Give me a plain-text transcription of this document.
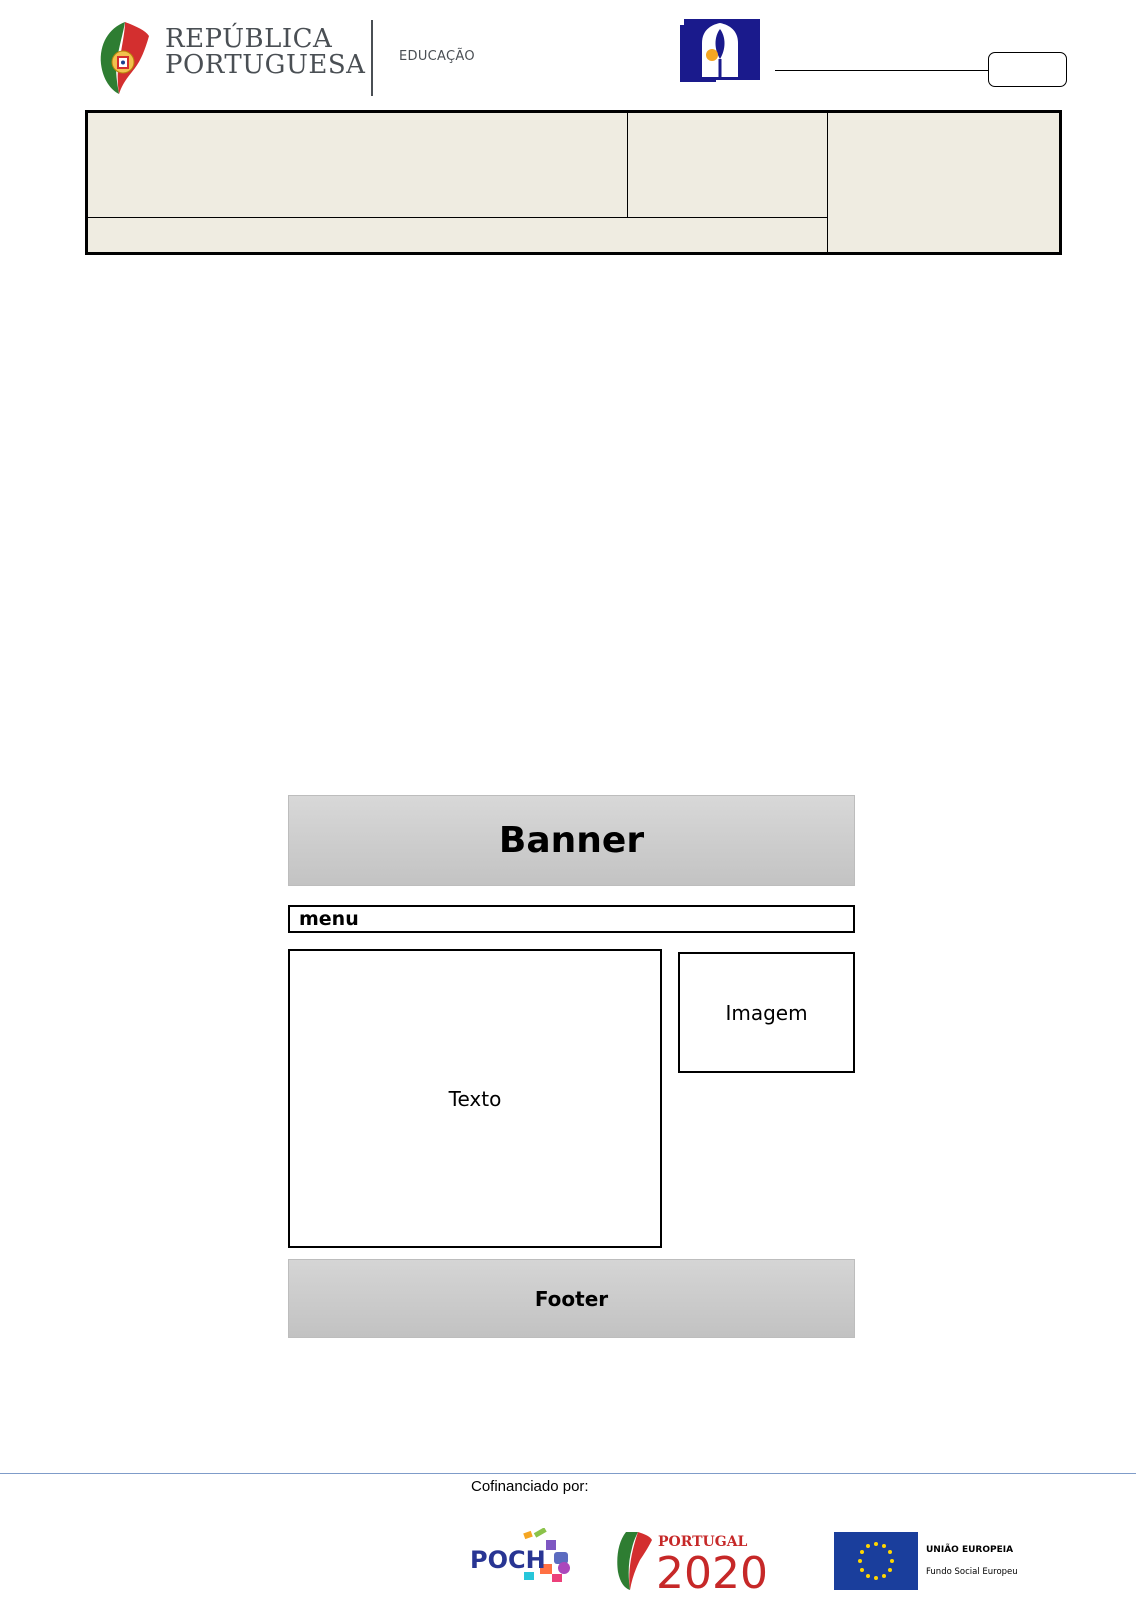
REPÚBLICA
PORTUGUESA	EDUCAÇÃO
Banner
menu
Texto
Imagem
Footer
Cofinanciado por:
POCH
PORTUGAL
2020	UNIÃO EUROPEIA
Fundo Social Europeu
